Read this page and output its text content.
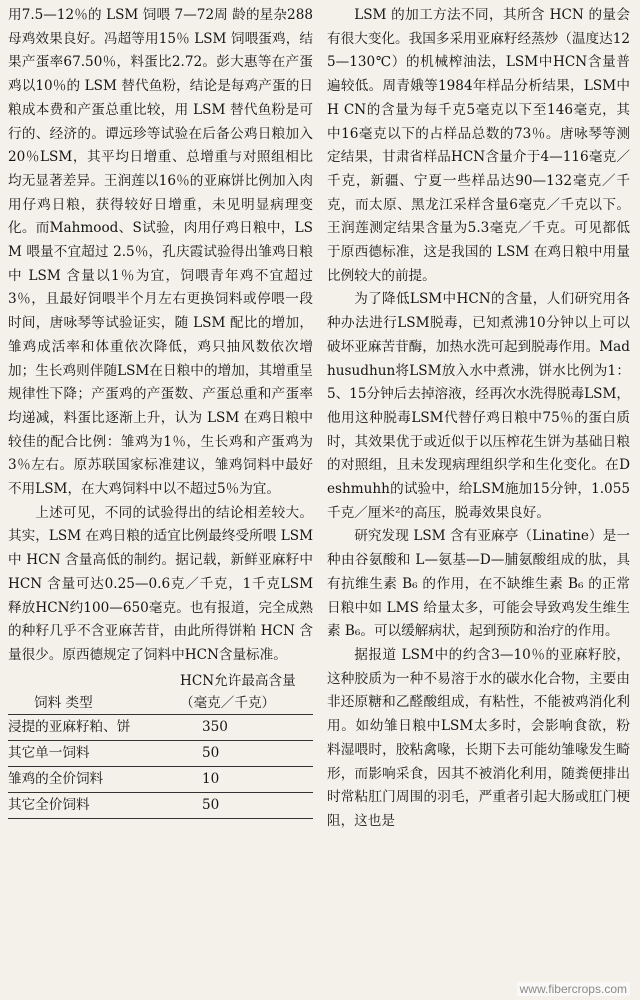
用7.5—12％的 LSM 饲喂 7—72周 龄的星杂288母鸡效果良好。冯超等用15％ LSM 饲喂蛋鸡，结果产蛋率67.50％，料蛋比2.72。彭大惠等在产蛋鸡以10％的 LSM 替代鱼粉，结论是每鸡产蛋的日粮成本费和产蛋总重比较，用 LSM 替代鱼粉是可行的、经济的。谭远珍等试验在后备公鸡日粮加入20％LSM，其平均日增重、总增重与对照组相比均无显著差异。王润莲以16％的亚麻饼比例加入肉用仔鸡日粮，获得较好日增重，未见明显病理变化。而Mahmood、S试验，肉用仔鸡日粮中，LSM 喂量不宜超过 2.5％，孔庆霞试验得出雏鸡日粮中 LSM 含量以1％为宜，饲喂青年鸡不宜超过3％，且最好饲喂半个月左右更换饲料或停喂一段时间，唐咏琴等试验证实，随 LSM 配比的增加，雏鸡成活率和体重依次降低，鸡只抽风数依次增加；生长鸡则伴随LSM在日粮中的增加，其增重呈规律性下降；产蛋鸡的产蛋数、产蛋总重和产蛋率均递减，料蛋比逐渐上升，认为 LSM 在鸡日粮中较佳的配合比例：雏鸡为1％，生长鸡和产蛋鸡为3％左右。原苏联国家标准建议，雏鸡饲料中最好不用LSM，在大鸡饲料中以不超过5％为宜。

上述可见，不同的试验得出的结论相差较大。其实，LSM 在鸡日粮的适宜比例最终受所喂 LSM 中 HCN 含量高低的制约。据记载，新鲜亚麻籽中 HCN 含量可达0.25—0.6克／千克，1千克LSM释放HCN约100—650毫克。也有报道，完全成熟的种籽几乎不含亚麻苦苷，由此所得饼粕 HCN 含量很少。原西德规定了饲料中HCN含量标准。

饲料 类型
HCN允许最高含量（毫克／千克）
浸提的亚麻籽粕、饼	350
其它单一饲料	50
雏鸡的全价饲料	10
其它全价饲料	50

LSM 的加工方法不同，其所含 HCN 的量会有很大变化。我国多采用亚麻籽经蒸炒（温度达125—130℃）的机械榨油法，LSM中HCN含量普遍较低。周青娥等1984年样品分析结果，LSM中H CN的含量为每千克5毫克以下至146毫克，其中16毫克以下的占样品总数的73％。唐咏琴等测定结果，甘肃省样品HCN含量介于4—116毫克／千克，新疆、宁夏一些样品达90—132毫克／千克，而太原、黑龙江采样含量6毫克／千克以下。王润莲测定结果含量为5.3毫克／千克。可见都低于原西德标准，这是我国的 LSM 在鸡日粮中用量比例较大的前提。

为了降低LSM中HCN的含量，人们研究用各种办法进行LSM脱毒，已知煮沸10分钟以上可以破坏亚麻苦苷酶，加热水洗可起到脱毒作用。Madhusudhun将LSM放入水中煮沸，饼水比例为1：5、15分钟后去掉溶液，经再次水洗得脱毒LSM，他用这种脱毒LSM代替仔鸡日粮中75％的蛋白质时，其效果优于或近似于以压榨花生饼为基础日粮的对照组，且未发现病理组织学和生化变化。在Deshmuhh的试验中，给LSM施加15分钟，1.055千克／厘米²的高压，脱毒效果良好。

研究发现 LSM 含有亚麻亭（Linatine）是一种由谷氨酸和 L—氨基—D—脯氨酸组成的肽，具有抗维生素 B₆ 的作用，在不缺维生素 B₆ 的正常日粮中如 LMS 给量太多，可能会导致鸡发生维生素 B₆。可以缓解病状，起到预防和治疗的作用。

据报道 LSM中的约含3—10％的亚麻籽胶，这种胶质为一种不易溶于水的碳水化合物，主要由非还原糖和乙醛酸组成，有粘性，不能被鸡消化利用。如幼雏日粮中LSM太多时，会影响食欲，粉料湿喂时，胶粘禽喙，长期下去可能幼雏喙发生畸形，而影响采食，因其不被消化利用，随粪便排出时常粘肛门周围的羽毛，严重者引起大肠或肛门梗阻，这也是

www.fibercrops.com
